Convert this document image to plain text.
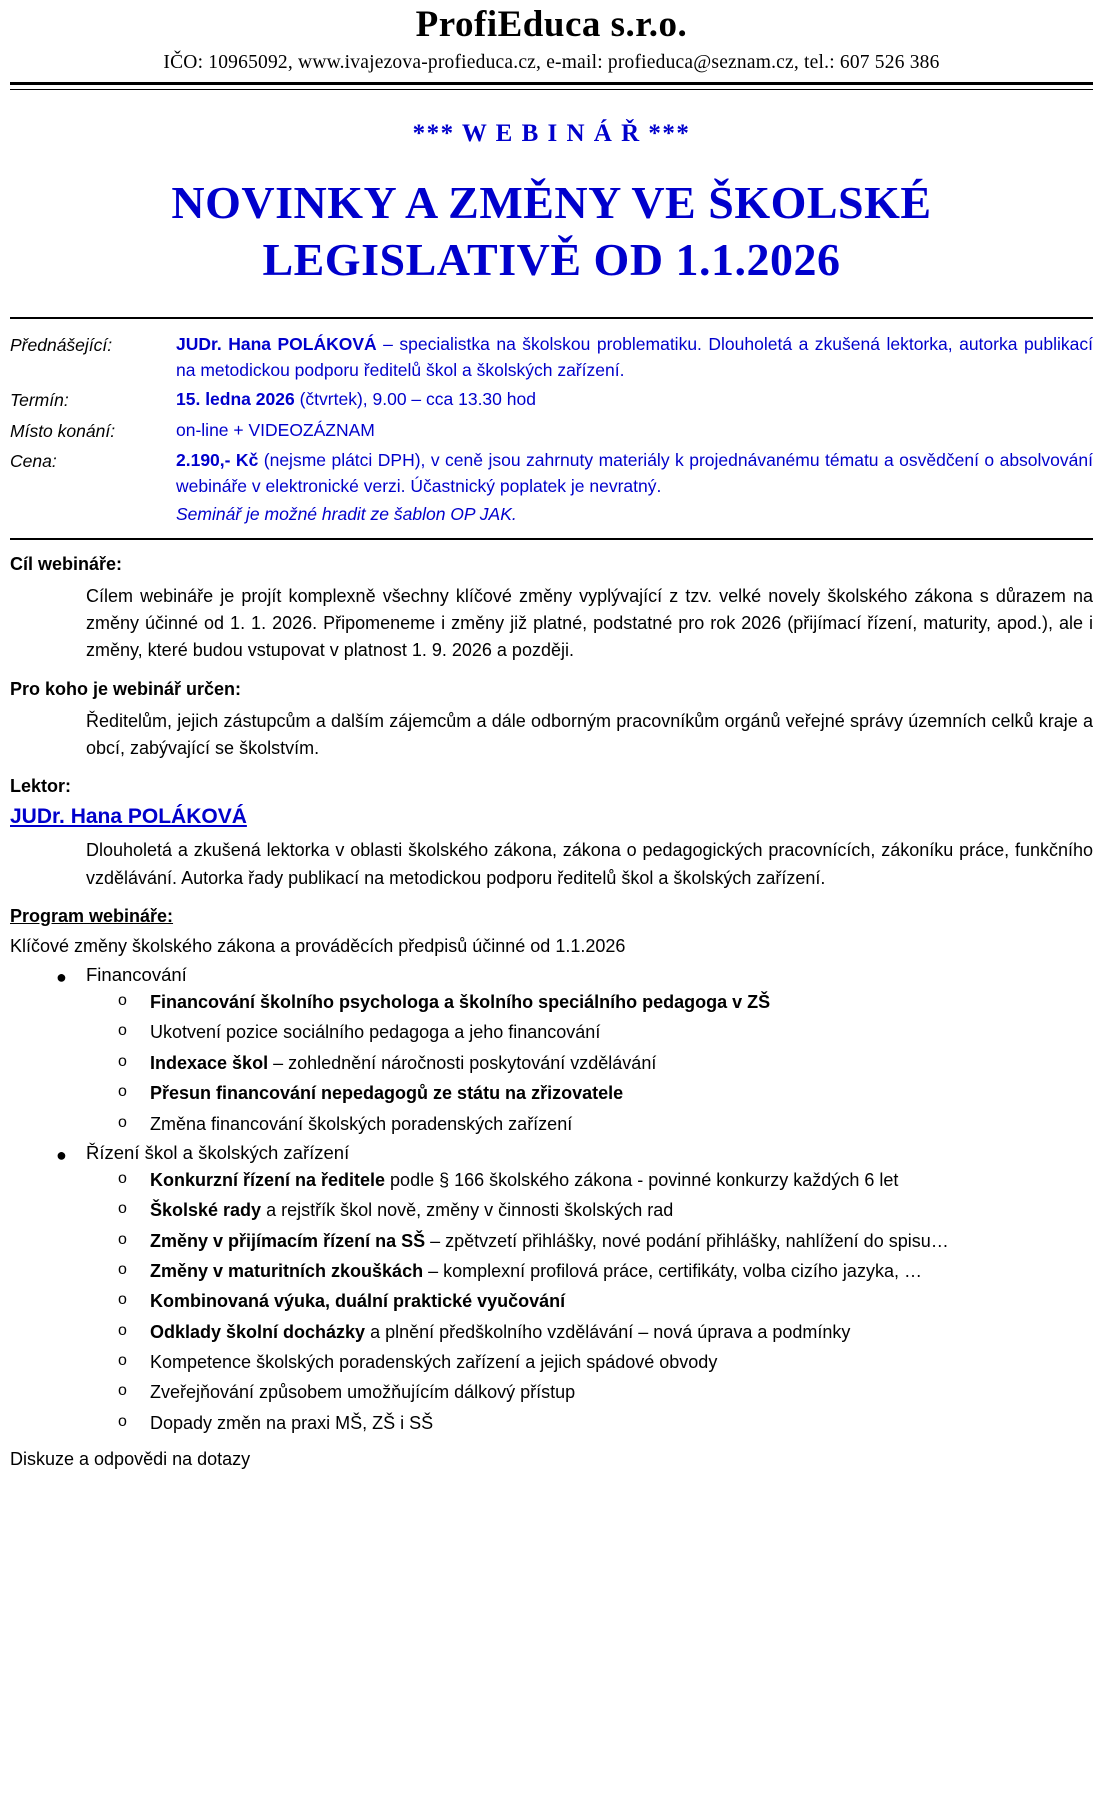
ProfiEduca s.r.o.
IČO: 10965092, www.ivajezova-profieduca.cz, e-mail: profieduca@seznam.cz, tel.: 607 526 386
*** W E B I N Á Ř ***
NOVINKY A ZMĚNY VE ŠKOLSKÉ
LEGISLATIVĚ OD 1.1.2026
Přednášející:	JUDr. Hana POLÁKOVÁ – specialistka na školskou problematiku. Dlouholetá a zkušená lektorka, autorka publikací na metodickou podporu ředitelů škol a školských zařízení.
Termín:	15. ledna 2026 (čtvrtek), 9.00 – cca 13.30 hod
Místo konání:	on-line + VIDEOZÁZNAM
Cena:	2.190,- Kč (nejsme plátci DPH), v ceně jsou zahrnuty materiály k projednávanému tématu a osvědčení o absolvování webináře v elektronické verzi. Účastnický poplatek je nevratný.
Seminář je možné hradit ze šablon OP JAK.
Cíl webináře:
Cílem webináře je projít komplexně všechny klíčové změny vyplývající z tzv. velké novely školského zákona s důrazem na změny účinné od 1. 1. 2026. Připomeneme i změny již platné, podstatné pro rok 2026 (přijímací řízení, maturity, apod.), ale i změny, které budou vstupovat v platnost 1. 9. 2026 a později.
Pro koho je webinář určen:
Ředitelům, jejich zástupcům a dalším zájemcům a dále odborným pracovníkům orgánů veřejné správy územních celků kraje a obcí, zabývající se školstvím.
Lektor:
JUDr. Hana POLÁKOVÁ
Dlouholetá a zkušená lektorka v oblasti školského zákona, zákona o pedagogických pracovnících, zákoníku práce, funkčního vzdělávání. Autorka řady publikací na metodickou podporu ředitelů škol a školských zařízení.
Program webináře:
Klíčové změny školského zákona a prováděcích předpisů účinné od 1.1.2026
● Financování
o Financování školního psychologa a školního speciálního pedagoga v ZŠ
o Ukotvení pozice sociálního pedagoga a jeho financování
o Indexace škol – zohlednění náročnosti poskytování vzdělávání
o Přesun financování nepedagogů ze státu na zřizovatele
o Změna financování školských poradenských zařízení
● Řízení škol a školských zařízení
o Konkurzní řízení na ředitele podle § 166 školského zákona - povinné konkurzy každých 6 let
o Školské rady a rejstřík škol nově, změny v činnosti školských rad
o Změny v přijímacím řízení na SŠ – zpětvzetí přihlášky, nové podání přihlášky, nahlížení do spisu…
o Změny v maturitních zkouškách – komplexní profilová práce, certifikáty, volba cizího jazyka, …
o Kombinovaná výuka, duální praktické vyučování
o Odklady školní docházky a plnění předškolního vzdělávání – nová úprava a podmínky
o Kompetence školských poradenských zařízení a jejich spádové obvody
o Zveřejňování způsobem umožňujícím dálkový přístup
o Dopady změn na praxi MŠ, ZŠ i SŠ
Diskuze a odpovědi na dotazy
